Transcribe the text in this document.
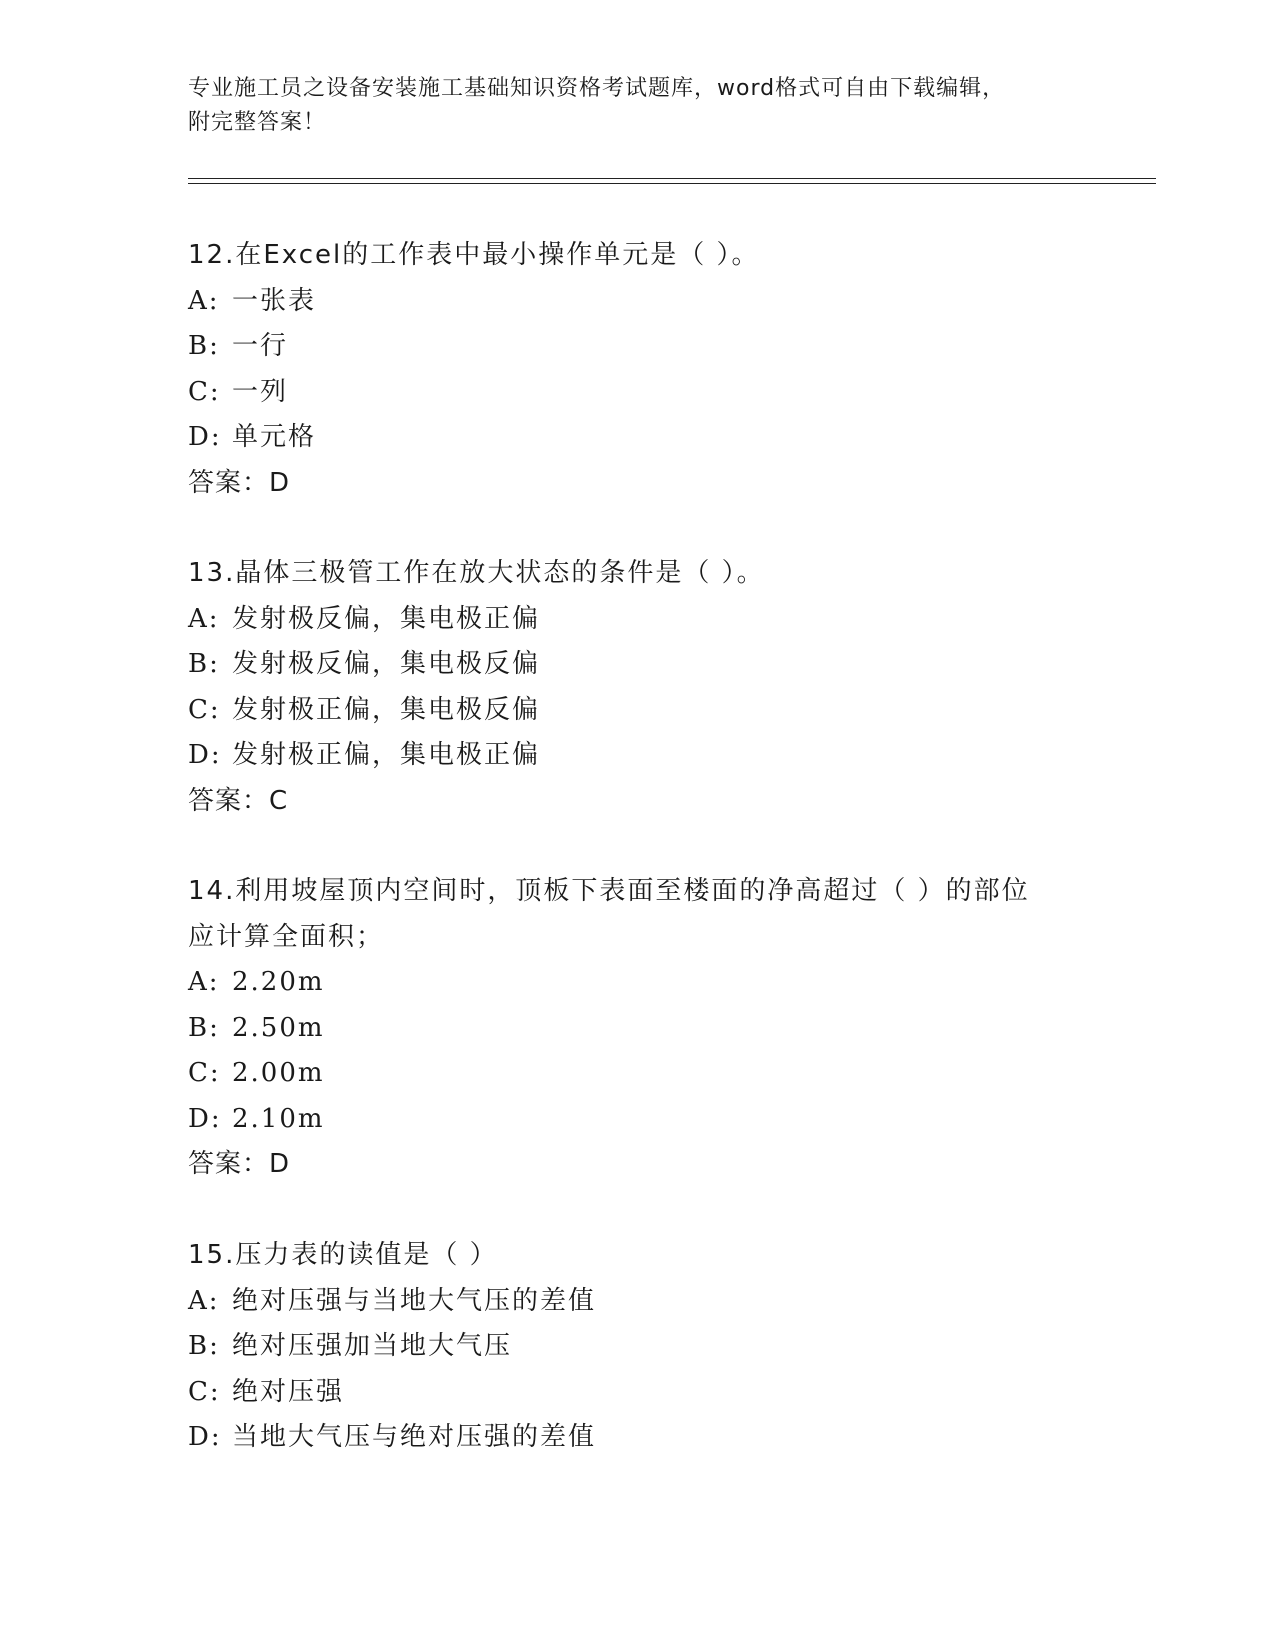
专业施工员之设备安装施工基础知识资格考试题库，word格式可自由下载编辑，
附完整答案！
12.在Excel的工作表中最小操作单元是（ ）。
A: 一张表
B: 一行
C: 一列
D: 单元格
答案：D
13.晶体三极管工作在放大状态的条件是（ ）。
A: 发射极反偏，集电极正偏
B: 发射极反偏，集电极反偏
C: 发射极正偏，集电极反偏
D: 发射极正偏，集电极正偏
答案：C
14.利用坡屋顶内空间时，顶板下表面至楼面的净高超过（ ）的部位
应计算全面积；
A: 2.20m
B: 2.50m
C: 2.00m
D: 2.10m
答案：D
15.压力表的读值是（ ）
A: 绝对压强与当地大气压的差值
B: 绝对压强加当地大气压
C: 绝对压强
D: 当地大气压与绝对压强的差值
